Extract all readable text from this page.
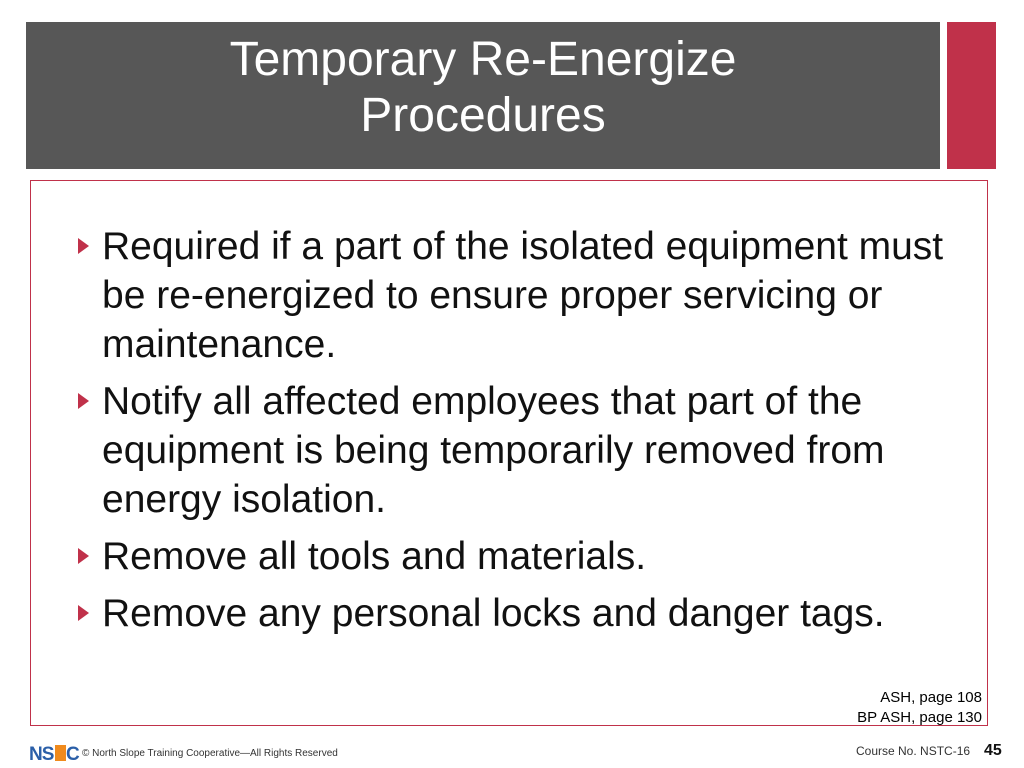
Temporary Re-Energize
Procedures
Required if a part of the isolated equipment must be re-energized to ensure proper servicing or maintenance.
Notify all affected employees that part of the equipment is being temporarily removed from energy isolation.
Remove all tools and materials.
Remove any personal locks and danger tags.
ASH, page 108
BP ASH, page 130
NS C © North Slope Training Cooperative—All Rights Reserved	Course No. NSTC-16 45
